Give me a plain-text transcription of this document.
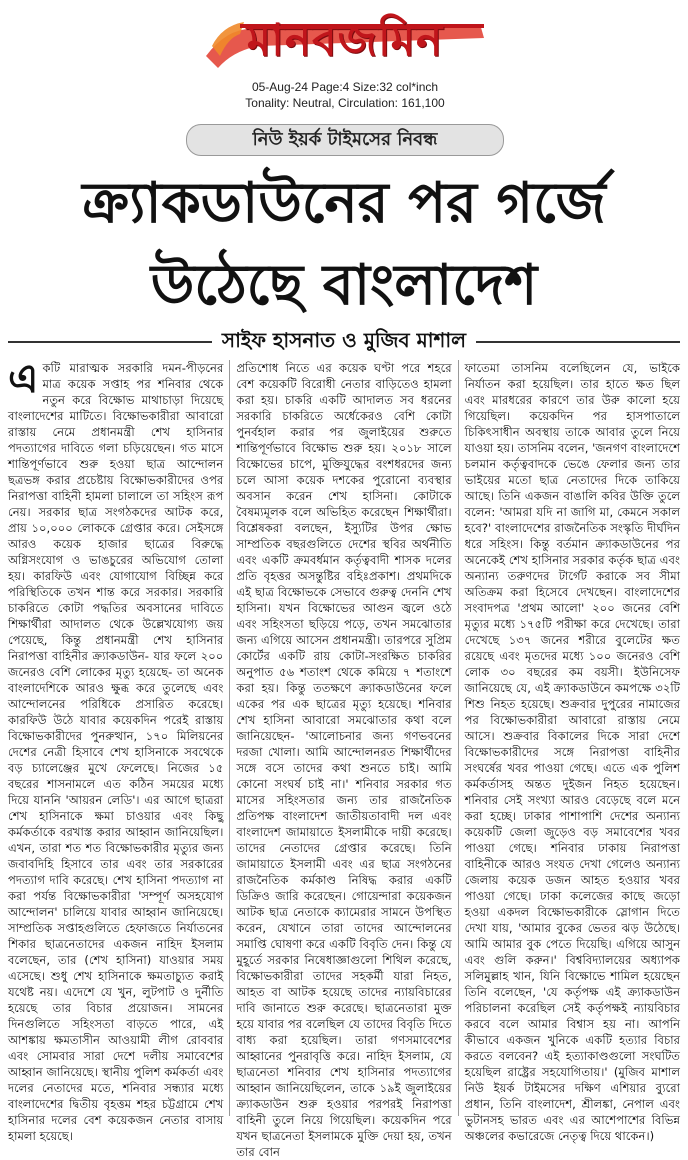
মানবজমিন
05-Aug-24 Page:4 Size:32 col*inch
Tonality: Neutral, Circulation: 161,100
নিউ ইয়র্ক টাইমসের নিবন্ধ
ক্র্যাকডাউনের পর গর্জে
উঠেছে বাংলাদেশ
সাইফ হাসনাত ও মুজিব মাশাল

একটি মারাত্মক সরকারি দমন-পীড়নের মাত্র কয়েক সপ্তাহ পর শনিবার থেকে নতুন করে বিক্ষোভ মাথাচাড়া দিয়েছে বাংলাদেশের মাটিতে। বিক্ষোভকারীরা আবারো রাস্তায় নেমে প্রধানমন্ত্রী শেখ হাসিনার পদত্যাগের দাবিতে গলা চড়িয়েছেন। গত মাসে শান্তিপূর্ণভাবে শুরু হওয়া ছাত্র আন্দোলন ছত্রভঙ্গ করার প্রচেষ্টায় বিক্ষোভকারীদের ওপর নিরাপত্তা বাহিনী হামলা চালালে তা সহিংস রূপ নেয়। সরকার ছাত্র সংগঠকদের আটক করে, প্রায় ১০,০০০ লোককে গ্রেপ্তার করে। সেইসঙ্গে আরও কয়েক হাজার ছাত্রের বিরুদ্ধে অগ্নিসংযোগ ও ভাঙচুরের অভিযোগ তোলা হয়। কারফিউ এবং যোগাযোগ বিচ্ছিন্ন করে পরিস্থিতিকে তখন শান্ত করে সরকার। সরকারি চাকরিতে কোটা পদ্ধতির অবসানের দাবিতে শিক্ষার্থীরা আদালত থেকে উল্লেখযোগ্য জয় পেয়েছে, কিন্তু প্রধানমন্ত্রী শেখ হাসিনার নিরাপত্তা বাহিনীর ক্র্যাকডাউন- যার ফলে ২০০ জনেরও বেশি লোকের মৃত্যু হয়েছে- তা অনেক বাংলাদেশিকে আরও ক্ষুব্ধ করে তুলেছে এবং আন্দোলনের পরিধিকে প্রসারিত করেছে। কারফিউ উঠে যাবার কয়েকদিন পরেই রাস্তায় বিক্ষোভকারীদের পুনরুত্থান, ১৭০ মিলিয়নের দেশের নেত্রী হিসাবে শেখ হাসিনাকে সবথেকে বড় চ্যালেঞ্জের মুখে ফেলেছে। নিজের ১৫ বছরের শাসনামলে এত কঠিন সময়ের মধ্যে দিয়ে যাননি 'আয়রন লেডি'। এর আগে ছাত্ররা শেখ হাসিনাকে ক্ষমা চাওয়ার এবং কিছু কর্মকর্তাকে বরখাস্ত করার আহ্বান জানিয়েছিল। এখন, তারা শত শত বিক্ষোভকারীর মৃত্যুর জন্য জবাবদিহি হিসাবে তার এবং তার সরকারের পদত্যাগ দাবি করেছে। শেখ হাসিনা পদত্যাগ না করা পর্যন্ত বিক্ষোভকারীরা 'সম্পূর্ণ অসহযোগ আন্দোলন' চালিয়ে যাবার আহ্বান জানিয়েছে। সাম্প্রতিক সপ্তাহগুলিতে হেফাজতে নির্যাতনের শিকার ছাত্রনেতাদের একজন নাহিদ ইসলাম বলেছেন, তার (শেখ হাসিনা) যাওয়ার সময় এসেছে। শুধু শেখ হাসিনাকে ক্ষমতাচ্যুত করাই যথেষ্ট নয়। এদেশে যে খুন, লুটপাট ও দুর্নীতি হয়েছে তার বিচার প্রয়োজন। সামনের দিনগুলিতে সহিংসতা বাড়তে পারে, এই আশঙ্কায় ক্ষমতাসীন আওয়ামী লীগ রোববার এবং সোমবার সারা দেশে দলীয় সমাবেশের আহ্বান জানিয়েছে। স্থানীয় পুলিশ কর্মকর্তা এবং দলের নেতাদের মতে, শনিবার সন্ধ্যার মধ্যে বাংলাদেশের দ্বিতীয় বৃহত্তম শহর চট্টগ্রামে শেখ হাসিনার দলের বেশ কয়েকজন নেতার বাসায় হামলা হয়েছে।

প্রতিশোধ নিতে এর কয়েক ঘণ্টা পরে শহরে বেশ কয়েকটি বিরোধী নেতার বাড়িতেও হামলা করা হয়। চাকরি একটি আদালত সব ধরনের সরকারি চাকরিতে অর্ধেকেরও বেশি কোটা পুনর্বহাল করার পর জুলাইয়ের শুরুতে শান্তিপূর্ণভাবে বিক্ষোভ শুরু হয়। ২০১৮ সালে বিক্ষোভের চাপে, মুক্তিযুদ্ধের বংশধরদের জন্য চলে আসা কয়েক দশকের পুরোনো ব্যবস্থার অবসান করেন শেখ হাসিনা। কোটাকে বৈষম্যমূলক বলে অভিহিত করেছেন শিক্ষার্থীরা। বিশ্লেষকরা বলছেন, ইস্যুটির উপর ক্ষোভ সাম্প্রতিক বছরগুলিতে দেশের স্থবির অর্থনীতি এবং একটি ক্রমবর্ধমান কর্তৃত্ববাদী শাসক দলের প্রতি বৃহত্তর অসন্তুষ্টির বহিঃপ্রকাশ। প্রথমদিকে এই ছাত্র বিক্ষোভকে সেভাবে গুরুত্ব দেননি শেখ হাসিনা। যখন বিক্ষোভের আগুন জ্বলে ওঠে এবং সহিংসতা ছড়িয়ে পড়ে, তখন সমঝোতার জন্য এগিয়ে আসেন প্রধানমন্ত্রী। তারপরে সুপ্রিম কোর্টের একটি রায় কোটা-সংরক্ষিত চাকরির অনুপাত ৫৬ শতাংশ থেকে কমিয়ে ৭ শতাংশে করা হয়। কিন্তু ততক্ষণে ক্র্যাকডাউনের ফলে একের পর এক ছাত্রের মৃত্যু হয়েছে। শনিবার শেখ হাসিনা আবারো সমঝোতার কথা বলে জানিয়েছেন- 'আলোচনার জন্য গণভবনের দরজা খোলা। আমি আন্দোলনরত শিক্ষার্থীদের সঙ্গে বসে তাদের কথা শুনতে চাই। আমি কোনো সংঘর্ষ চাই না।' শনিবার সরকার গত মাসের সহিংসতার জন্য তার রাজনৈতিক প্রতিপক্ষ বাংলাদেশ জাতীয়তাবাদী দল এবং বাংলাদেশ জামায়াতে ইসলামীকে দায়ী করেছে। তাদের নেতাদের গ্রেপ্তার করেছে। তিনি জামায়াতে ইসলামী এবং এর ছাত্র সংগঠনের রাজনৈতিক কর্মকাণ্ড নিষিদ্ধ করার একটি ডিক্রিও জারি করেছেন। গোয়েন্দারা কয়েকজন আটক ছাত্র নেতাকে ক্যামেরার সামনে উপস্থিত করেন, যেখানে তারা তাদের আন্দোলনের সমাপ্তি ঘোষণা করে একটি বিবৃতি দেন। কিন্তু যে মুহূর্তে সরকার নিষেধাজ্ঞাগুলো শিথিল করেছে, বিক্ষোভকারীরা তাদের সহকর্মী যারা নিহত, আহত বা আটক হয়েছে তাদের ন্যায়বিচারের দাবি জানাতে শুরু করেছে। ছাত্রনেতারা মুক্ত হয়ে যাবার পর বলেছিল যে তাদের বিবৃতি দিতে বাধ্য করা হয়েছিল। তারা গণসমাবেশের আহ্বানের পুনরাবৃত্তি করে। নাহিদ ইসলাম, যে ছাত্রনেতা শনিবার শেখ হাসিনার পদত্যাগের আহ্বান জানিয়েছিলেন, তাকে ১৯ই জুলাইয়ের ক্র্যাকডাউন শুরু হওয়ার পরপরই নিরাপত্তা বাহিনী তুলে নিয়ে গিয়েছিল। কয়েকদিন পরে যখন ছাত্রনেতা ইসলামকে মুক্তি দেয়া হয়, তখন তার বোন

ফাতেমা তাসনিম বলেছিলেন যে, ভাইকে নির্যাতন করা হয়েছিল। তার হাতে ক্ষত ছিল এবং মারধরের কারণে তার উরু কালো হয়ে গিয়েছিল। কয়েকদিন পর হাসপাতালে চিকিৎসাধীন অবস্থায় তাকে আবার তুলে নিয়ে যাওয়া হয়। তাসনিম বলেন, 'জনগণ বাংলাদেশে চলমান কর্তৃত্ববাদকে ভেঙে ফেলার জন্য তার ভাইয়ের মতো ছাত্র নেতাদের দিকে তাকিয়ে আছে। তিনি একজন বাঙালি কবির উক্তি তুলে বলেন: 'আমরা যদি না জাগি মা, কেমনে সকাল হবে?' বাংলাদেশের রাজনৈতিক সংস্কৃতি দীর্ঘদিন ধরে সহিংস। কিন্তু বর্তমান ক্র্যাকডাউনের পর অনেকেই শেখ হাসিনার সরকার কর্তৃক ছাত্র এবং অন্যান্য তরুণদের টার্গেট করাকে সব সীমা অতিক্রম করা হিসেবে দেখছেন। বাংলাদেশের সংবাদপত্র 'প্রথম আলো' ২০০ জনের বেশি মৃত্যুর মধ্যে ১৭৫টি পরীক্ষা করে দেখেছে। তারা দেখেছে ১৩৭ জনের শরীরে বুলেটের ক্ষত রয়েছে এবং মৃতদের মধ্যে ১০০ জনেরও বেশি লোক ৩০ বছরের কম বয়সী। ইউনিসেফ জানিয়েছে যে, এই ক্র্যাকডাউনে কমপক্ষে ৩২টি শিশু নিহত হয়েছে। শুক্রবার দুপুরের নামাজের পর বিক্ষোভকারীরা আবারো রাস্তায় নেমে আসে। শুক্রবার বিকালের দিকে সারা দেশে বিক্ষোভকারীদের সঙ্গে নিরাপত্তা বাহিনীর সংঘর্ষের খবর পাওয়া গেছে। এতে এক পুলিশ কর্মকর্তাসহ অন্তত দুইজন নিহত হয়েছেন। শনিবার সেই সংখ্যা আরও বেড়েছে বলে মনে করা হচ্ছে। ঢাকার পাশাপাশি দেশের অন্যান্য কয়েকটি জেলা জুড়েও বড় সমাবেশের খবর পাওয়া গেছে। শনিবার ঢাকায় নিরাপত্তা বাহিনীকে আরও সংযত দেখা গেলেও অন্যান্য জেলায় কয়েক ডজন আহত হওয়ার খবর পাওয়া গেছে। ঢাকা কলেজের কাছে জড়ো হওয়া একদল বিক্ষোভকারীকে স্লোগান দিতে দেখা যায়, 'আমার বুকের ভেতর ঝড় উঠেছে। আমি আমার বুক পেতে দিয়েছি। এগিয়ে আসুন এবং গুলি করুন।' বিশ্ববিদ্যালয়ের অধ্যাপক সলিমুল্লাহ খান, যিনি বিক্ষোভে শামিল হয়েছেন তিনি বলেছেন, 'যে কর্তৃপক্ষ এই ক্র্যাকডাউন পরিচালনা করেছিল সেই কর্তৃপক্ষই ন্যায়বিচার করবে বলে আমার বিশ্বাস হয় না। আপনি কীভাবে একজন খুনিকে একটি হত্যার বিচার করতে বলবেন? এই হত্যাকাণ্ডগুলো সংঘটিত হয়েছিল রাষ্ট্রের সহযোগিতায়।' (মুজিব মাশাল নিউ ইয়র্ক টাইমসের দক্ষিণ এশিয়ার ব্যুরো প্রধান, তিনি বাংলাদেশ, শ্রীলঙ্কা, নেপাল এবং ভুটানসহ ভারত এবং এর আশেপাশের বিভিন্ন অঞ্চলের কভারেজে নেতৃত্ব দিয়ে থাকেন।)
